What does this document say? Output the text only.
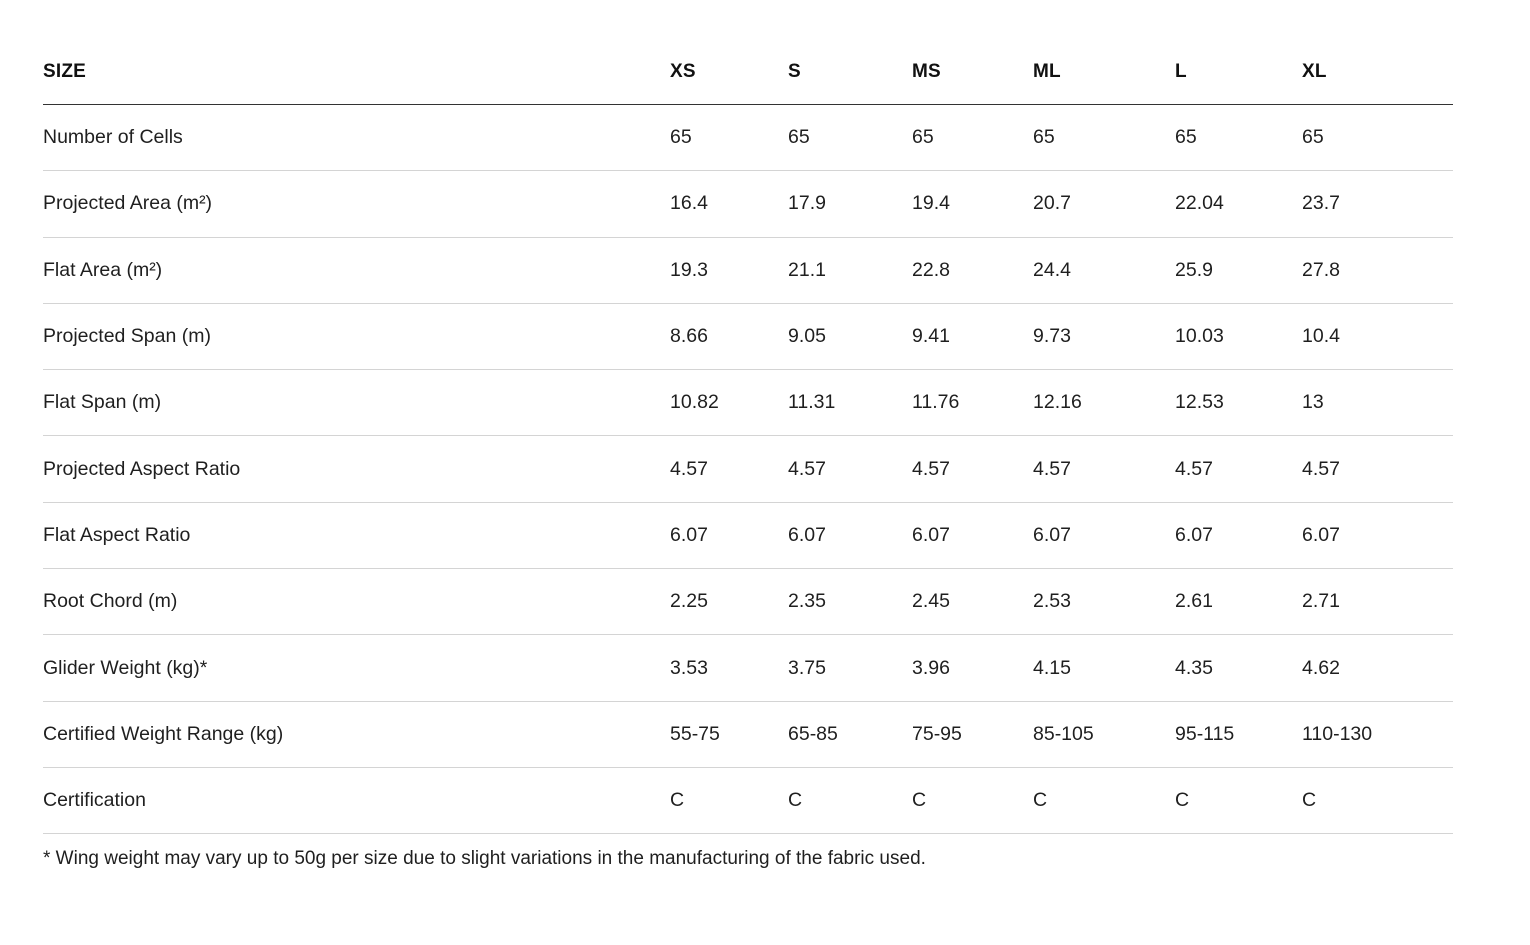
SIZE	XS	S	MS	ML	L	XL
Number of Cells	65	65	65	65	65	65
Projected Area (m²)	16.4	17.9	19.4	20.7	22.04	23.7
Flat Area (m²)	19.3	21.1	22.8	24.4	25.9	27.8
Projected Span (m)	8.66	9.05	9.41	9.73	10.03	10.4
Flat Span (m)	10.82	11.31	11.76	12.16	12.53	13
Projected Aspect Ratio	4.57	4.57	4.57	4.57	4.57	4.57
Flat Aspect Ratio	6.07	6.07	6.07	6.07	6.07	6.07
Root Chord (m)	2.25	2.35	2.45	2.53	2.61	2.71
Glider Weight (kg)*	3.53	3.75	3.96	4.15	4.35	4.62
Certified Weight Range (kg)	55-75	65-85	75-95	85-105	95-115	110-130
Certification	C	C	C	C	C	C

* Wing weight may vary up to 50g per size due to slight variations in the manufacturing of the fabric used.
